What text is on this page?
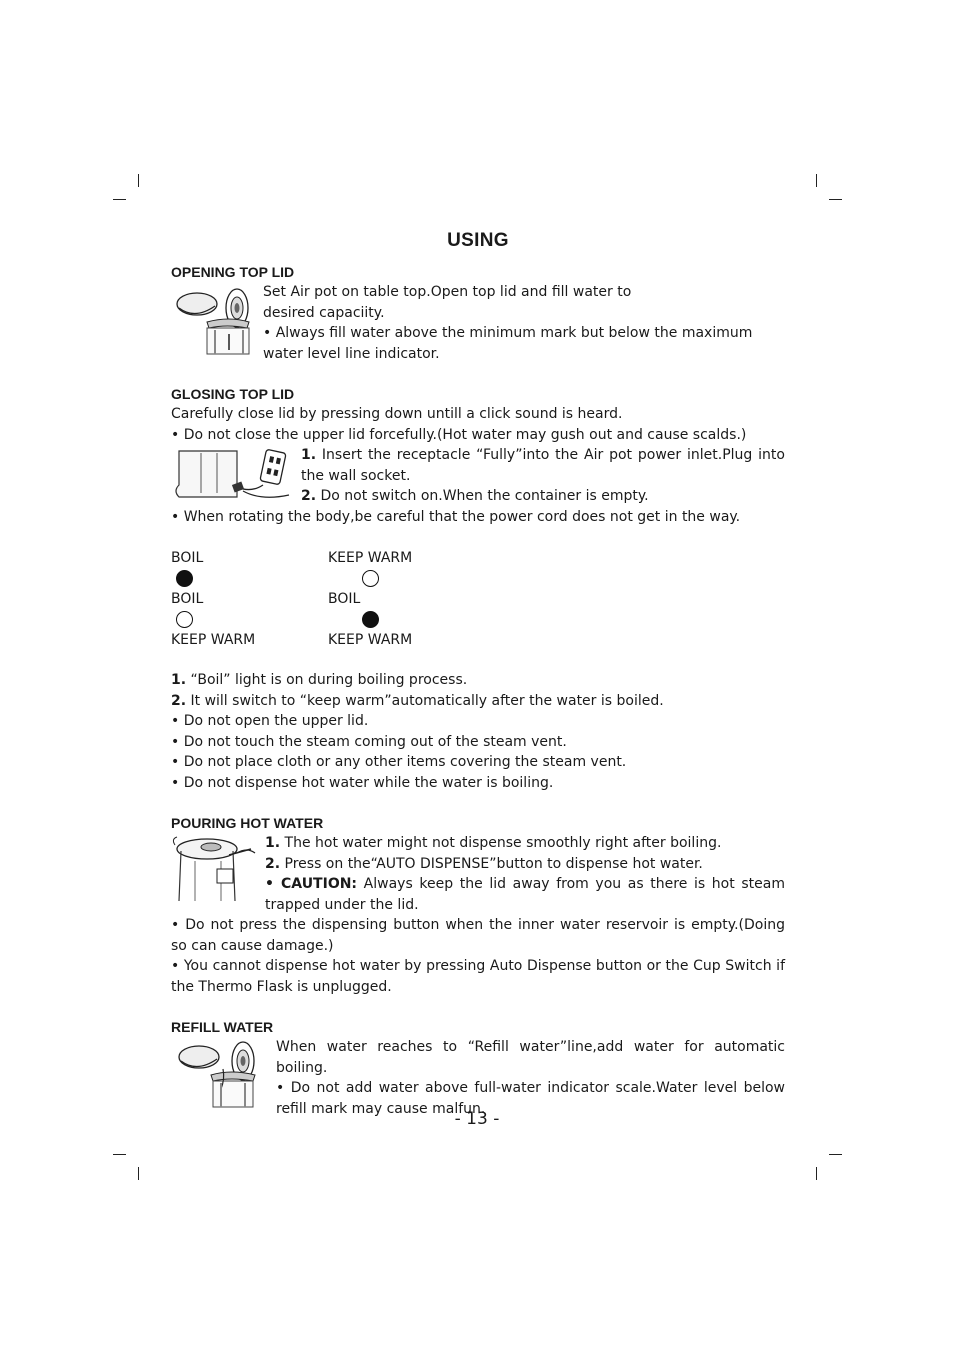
USING
OPENING TOP LID

Set Air pot on table top.Open top lid and fill water to

desired capaciity.

• Always fill water above the minimum mark but below the maximum water level line indicator.

GLOSING TOP LID

Carefully close lid by pressing down untill a click sound is heard.

• Do not close the upper lid forcefully.(Hot water may gush out and cause scalds.)

1. Insert the receptacle “Fully”into the Air pot power inlet.Plug into the wall socket.

2. Do not switch on.When the container is empty.

• When rotating the body,be careful that the power cord does not get in the way.

BOIL
BOIL
KEEP WARM
KEEP WARM
BOIL
KEEP WARM

1. “Boil” light is on during boiling process.

2. It will switch to “keep warm”automatically after the water is boiled.

• Do not open the upper lid.

• Do not touch the steam coming out of the steam vent.

• Do not place cloth or any other items covering the steam vent.

• Do not dispense hot water while the water is boiling.

POURING HOT WATER

1. The hot water might not dispense smoothly right after boiling.

2. Press on the“AUTO DISPENSE”button to dispense hot water.

• CAUTION: Always keep the lid away from you as there is hot steam trapped under the lid.

• Do not press the dispensing button when the inner water reservoir is empty.(Doing so can cause damage.)

• You cannot dispense hot water by pressing Auto Dispense button or the Cup Switch if the Thermo Flask is unplugged.

REFILL WATER

When water reaches to “Refill water”line,add water for automatic boiling.

• Do not add water above full-water indicator scale.Water level below refill mark may cause malfun.

- 13 -
